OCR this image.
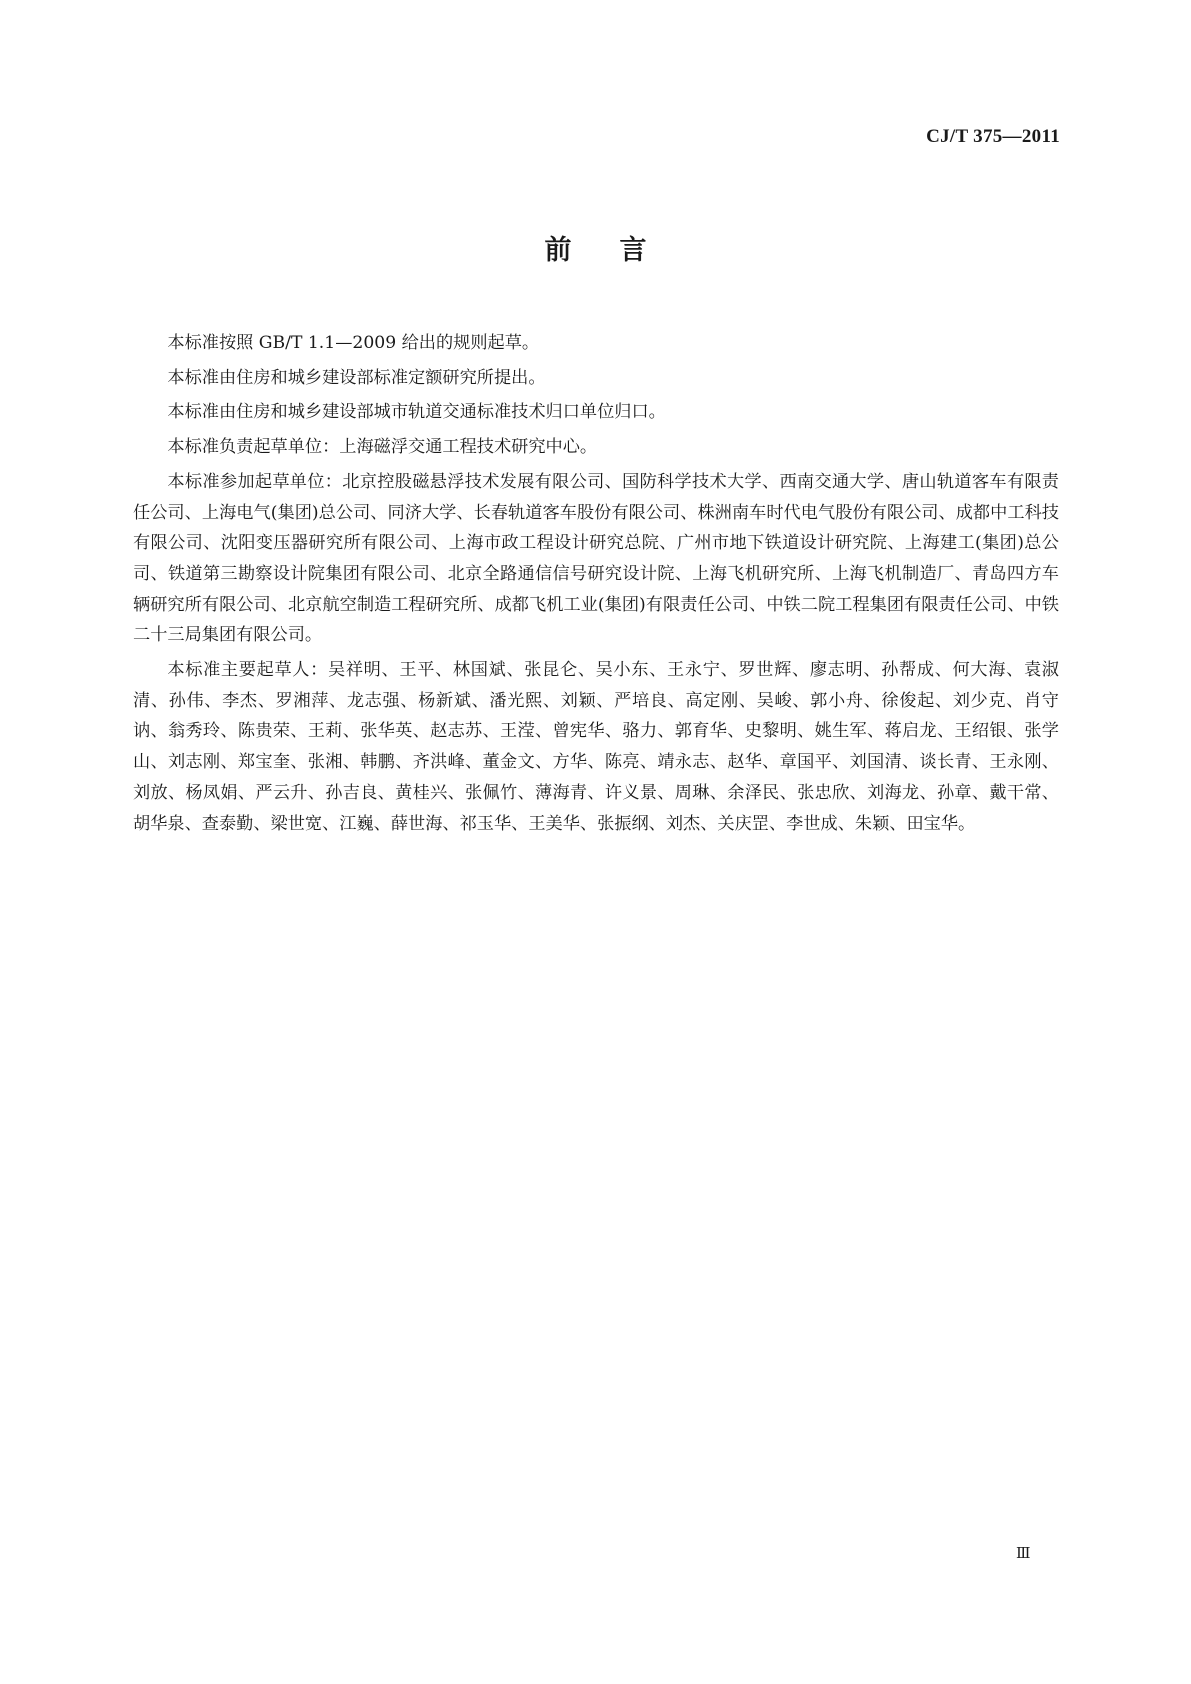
CJ/T 375—2011
前言

本标准按照 GB/T 1.1—2009 给出的规则起草。

本标准由住房和城乡建设部标准定额研究所提出。

本标准由住房和城乡建设部城市轨道交通标准技术归口单位归口。

本标准负责起草单位：上海磁浮交通工程技术研究中心。

本标准参加起草单位：北京控股磁悬浮技术发展有限公司、国防科学技术大学、西南交通大学、唐山轨道客车有限责任公司、上海电气(集团)总公司、同济大学、长春轨道客车股份有限公司、株洲南车时代电气股份有限公司、成都中工科技有限公司、沈阳变压器研究所有限公司、上海市政工程设计研究总院、广州市地下铁道设计研究院、上海建工(集团)总公司、铁道第三勘察设计院集团有限公司、北京全路通信信号研究设计院、上海飞机研究所、上海飞机制造厂、青岛四方车辆研究所有限公司、北京航空制造工程研究所、成都飞机工业(集团)有限责任公司、中铁二院工程集团有限责任公司、中铁二十三局集团有限公司。

本标准主要起草人：吴祥明、王平、林国斌、张昆仑、吴小东、王永宁、罗世辉、廖志明、孙帮成、何大海、袁淑清、孙伟、李杰、罗湘萍、龙志强、杨新斌、潘光熙、刘颖、严培良、高定刚、吴峻、郭小舟、徐俊起、刘少克、肖守讷、翁秀玲、陈贵荣、王莉、张华英、赵志苏、王滢、曾宪华、骆力、郭育华、史黎明、姚生军、蒋启龙、王绍银、张学山、刘志刚、郑宝奎、张湘、韩鹏、齐洪峰、董金文、方华、陈亮、靖永志、赵华、章国平、刘国清、谈长青、王永刚、刘放、杨凤娟、严云升、孙吉良、黄桂兴、张佩竹、薄海青、许义景、周琳、余泽民、张忠欣、刘海龙、孙章、戴干常、胡华泉、查泰勤、梁世宽、江巍、薛世海、祁玉华、王美华、张振纲、刘杰、关庆罡、李世成、朱颖、田宝华。

Ⅲ
